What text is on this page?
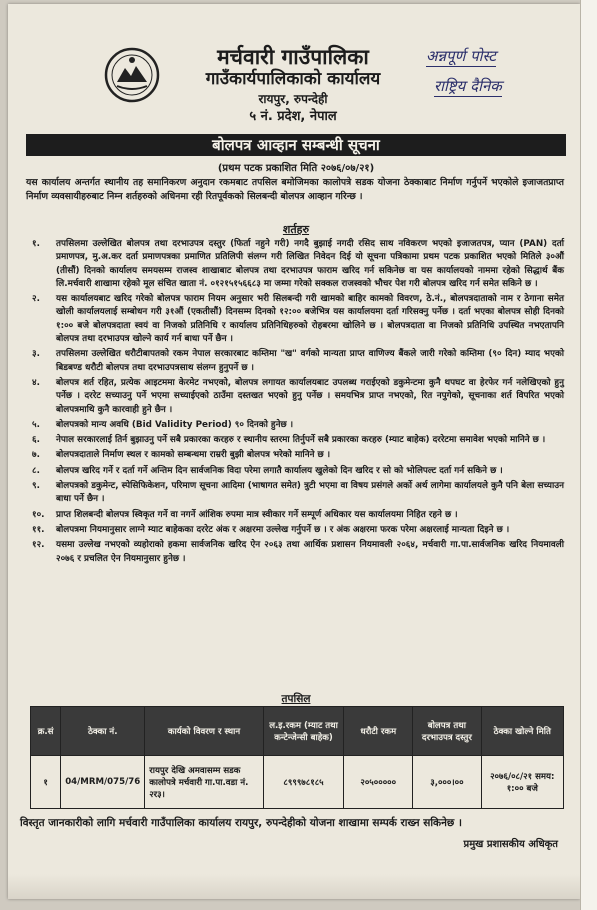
मर्चवारी गाउँपालिका
गाउँकार्यपालिकाको कार्यालय
रायपुर, रुपन्देही
५ नं. प्रदेश, नेपाल
अन्नपूर्ण पोस्ट
राष्ट्रिय दैनिक
बोलपत्र आव्हान सम्बन्धी सूचना
(प्रथम पटक प्रकाशित मिति २०७६/०७/२१)
यस कार्यालय अन्तर्गत स्थानीय तह समानिकरण अनुदान रकमबाट तपसिल बमोजिमका कालोपत्रे सडक योजना ठेक्काबाट निर्माण गर्नुपर्ने भएकोले इजाजतप्राप्त निर्माण व्यवसायीहरुबाट निम्न शर्तहरुको अधिनमा रही रितपूर्वकको सिलबन्दी बोलपत्र आव्हान गरिन्छ ।
शर्तहरु
१.	तपसिलमा उल्लेखित बोलपत्र तथा दरभाउपत्र दस्तुर (फिर्ता नहुने गरी) नगदै बुझाई नगदी रसिद साथ नविकरण भएको इजाजतपत्र, प्यान (PAN) दर्ता प्रमाणपत्र, मु.अ.कर दर्ता प्रमाणपत्रका प्रमाणित प्रतिलिपी संलग्न गरी लिखित निवेदन दिई यो सूचना पत्रिकामा प्रथम पटक प्रकाशित भएको मितिले ३०औं (तीसौं) दिनको कार्यालय समयसम्म राजस्व शाखाबाट बोलपत्र तथा दरभाउपत्र फाराम खरिद गर्न सकिनेछ वा यस कार्यालयको नाममा रहेको सिद्धार्थ बैंक लि.मर्चवारी शाखामा रहेको मूल संचित खाता नं. ०१२१५१५६६८३ मा जम्मा गरेको सक्कल राजस्वको भौचर पेश गरी बोलपत्र खरिद गर्न समेत सकिने छ ।
२.	यस कार्यालयबाट खरिद गरेको बोलपत्र फाराम नियम अनुसार भरी सिलबन्दी गरी खामको बाहिर कामको विवरण, ठे.नं., बोलपत्रदाताको नाम र ठेगाना समेत खोली कार्यालयलाई सम्बोधन गरी ३१औं (एकतीसौं) दिनसम्म दिनको १२:०० बजेभित्र यस कार्यालयमा दर्ता गरिसक्नु पर्नेछ । दर्ता भएका बोलपत्र सोही दिनको १:०० बजे बोलपत्रदाता स्वयं वा निजको प्रतिनिधि र कार्यालय प्रतिनिधिहरुको रोहबरमा खोलिने छ । बोलपत्रदाता वा निजको प्रतिनिधि उपस्थित नभएतापनि बोलपत्र तथा दरभाउपत्र खोल्ने कार्य गर्न बाधा पर्ने छैन ।
३.	तपसिलमा उल्लेखित धरौटीबापतको रकम नेपाल सरकारबाट कम्तिमा "ख" वर्गको मान्यता प्राप्त वाणिज्य बैंकले जारी गरेको कम्तिमा (९० दिन) म्याद भएको बिडबण्ड धरौटी बोलपत्र तथा दरभाउपत्रसाथ संलग्न हुनुपर्ने छ ।
४.	बोलपत्र शर्त रहित, प्रत्येक आइटममा केरमेट नभएको, बोलपत्र लगायत कार्यालयबाट उपलब्ध गराईएको डकुमेन्टमा कुनै थपघट वा हेरफेर गर्न नलेखिएको हुनु पर्नेछ । दररेट सच्याउनु पर्ने भएमा सच्याईएको ठाउँमा दस्तखत भएको हुनु पर्नेछ । समयभित्र प्राप्त नभएको, रित नपुगेको, सूचनाका शर्त विपरित भएको बोलपत्रमाथि कुनै कारवाही हुने छैन ।
५.	बोलपत्रको मान्य अवधि (Bid Validity Period) ९० दिनको हुनेछ ।
६.	नेपाल सरकारलाई तिर्न बुझाउनु पर्ने सबै प्रकारका करहरु र स्थानीय स्तरमा तिर्नुपर्ने सबै प्रकारका करहरु (म्याट बाहेक) दररेटमा समावेश भएको मानिने छ ।
७.	बोलपत्रदाताले निर्माण स्थल र कामको सम्बन्धमा राम्ररी बुझी बोलपत्र भरेको मानिने छ ।
८.	बोलपत्र खरिद गर्ने र दर्ता गर्ने अन्तिम दिन सार्वजनिक विदा परेमा लगातै कार्यालय खुलेको दिन खरिद र सो को भोलिपल्ट दर्ता गर्न सकिने छ ।
९.	बोलपत्रको डकुमेन्ट, स्पेसिफिकेशन, परिमाण सूचना आदिमा (भाषागत समेत) त्रुटी भएमा वा विषय प्रसंगले अर्को अर्थ लागेमा कार्यालयले कुनै पनि बेला सच्याउन बाधा पर्ने छैन ।
१०.	प्राप्त शिलबन्दी बोलपत्र स्विकृत गर्ने वा नगर्ने आंशिक रुपमा मात्र स्वीकार गर्ने सम्पूर्ण अधिकार यस कार्यालयमा निहित रहने छ ।
११.	बोलपत्रमा नियमानुसार लाग्ने म्याट बाहेकका दररेट अंक र अक्षरमा उल्लेख गर्नुपर्ने छ । र अंक अक्षरमा फरक परेमा अक्षरलाई मान्यता दिइने छ ।
१२.	यसमा उल्लेख नभएको व्यहोराको हकमा सार्वजनिक खरिद ऐन २०६३ तथा आर्थिक प्रशासन नियमावली २०६४, मर्चवारी गा.पा.सार्वजनिक खरिद नियमावली २०७६ र प्रचलित ऐन नियमानुसार हुनेछ ।
तपसिल
क्र.सं	ठेक्का नं.	कार्यको विवरण र स्थान	ल.इ.रकम (म्याट तथा कन्टेन्जेन्सी बाहेक)	धरौटी रकम	बोलपत्र तथा दरभाउपत्र दस्तुर	ठेक्का खोल्ने मिति
१	04/MRM/075/76	रायपुर देखि अमवासम्म सडक कालोपत्रे मर्चवारी गा.पा.वडा नं. २र३।	८९९९७८१८५	२०५०००००	३,०००।००	२०७६/०८/२१ समय: १:०० बजे
विस्तृत जानकारीको लागि मर्चवारी गाउँपालिका कार्यालय रायपुर, रुपन्देहीको योजना शाखामा सम्पर्क राख्न सकिनेछ ।
प्रमुख प्रशासकीय अधिकृत
